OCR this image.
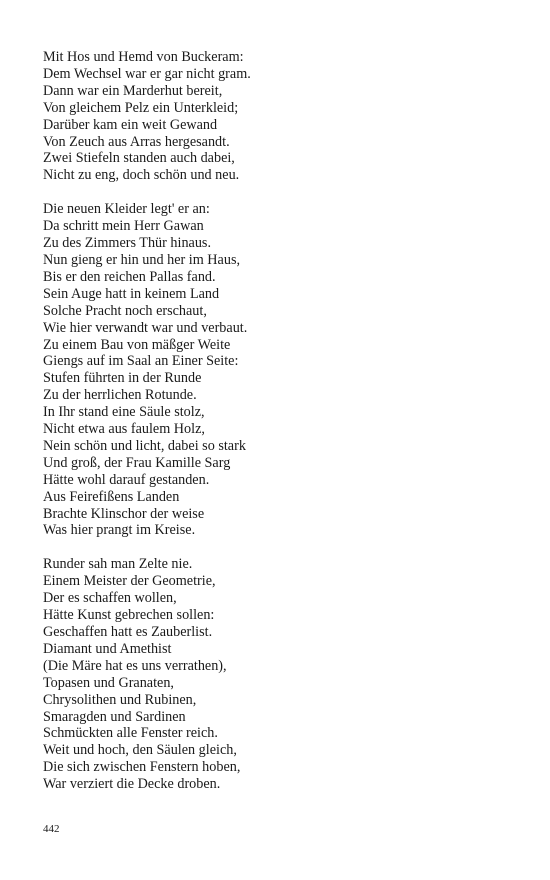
Mit Hos und Hemd von Buckeram:
Dem Wechsel war er gar nicht gram.
Dann war ein Marderhut bereit,
Von gleichem Pelz ein Unterkleid;
Darüber kam ein weit Gewand
Von Zeuch aus Arras hergesandt.
Zwei Stiefeln standen auch dabei,
Nicht zu eng, doch schön und neu.
Die neuen Kleider legt' er an:
Da schritt mein Herr Gawan
Zu des Zimmers Thür hinaus.
Nun gieng er hin und her im Haus,
Bis er den reichen Pallas fand.
Sein Auge hatt in keinem Land
Solche Pracht noch erschaut,
Wie hier verwandt war und verbaut.
Zu einem Bau von mäßger Weite
Giengs auf im Saal an Einer Seite:
Stufen führten in der Runde
Zu der herrlichen Rotunde.
In Ihr stand eine Säule stolz,
Nicht etwa aus faulem Holz,
Nein schön und licht, dabei so stark
Und groß, der Frau Kamille Sarg
Hätte wohl darauf gestanden.
Aus Feirefißens Landen
Brachte Klinschor der weise
Was hier prangt im Kreise.
Runder sah man Zelte nie.
Einem Meister der Geometrie,
Der es schaffen wollen,
Hätte Kunst gebrechen sollen:
Geschaffen hatt es Zauberlist.
Diamant und Amethist
(Die Märe hat es uns verrathen),
Topasen und Granaten,
Chrysolithen und Rubinen,
Smaragden und Sardinen
Schmückten alle Fenster reich.
Weit und hoch, den Säulen gleich,
Die sich zwischen Fenstern hoben,
War verziert die Decke droben.
442
